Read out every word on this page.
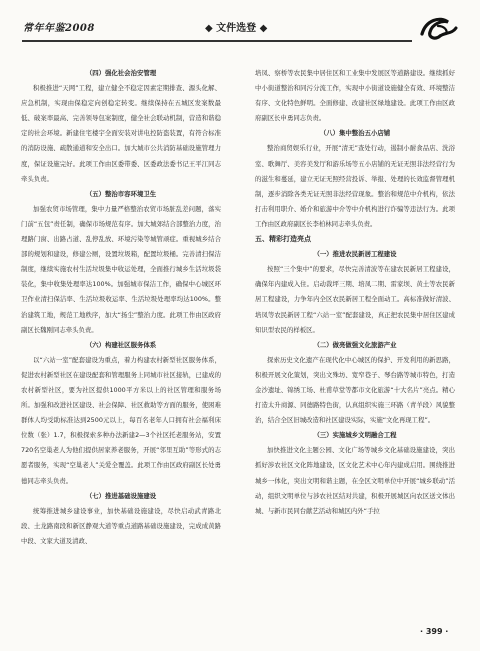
常年年鉴2008	◆ 文件选登 ◆

（四）强化社会治安管理

积极推进“天网”工程，建立健全不稳定因素定期排查、源头化解、应急机制，实现由保稳定向创稳定转变。继续保持在五城区发案数最低、破案率最高、完善领导包案制度，健全社会联动机制，营造和谐稳定的社会环境。新建住宅楼宇全面安装对讲电控防盗装置，有符合标准的消防设施、疏散通道和安全出口。加大城市公共消防基础设施管理力度，保证设施完好。此项工作由区委带委、区委政法委书记王平江同志牵头负责。

（五）整治市容环境卫生

加强农贸市场管理，集中力量严格整治农贸市场脏乱差问题，落实门前“五包”责任制，确保市场规范有序。加大城郊结合部整治力度，治理路门窗、出路占道、乱停乱放、环境污染等城管顽症。重视城乡结合部的规划和建设，修建公厕，设置垃圾箱，配置垃圾桶。完善清扫保洁制度，继续实施农村生活垃圾集中收运处理，全面推行城乡生活垃圾袋装化，集中收集处理率达100%。加强城市保洁工作，确保中心城区环卫作业清扫保洁率、生活垃圾收运率、生活垃圾处理率均达100%。整治建筑工地，规范工地秩序，加大“扬尘”整治力度。此项工作由区政府副区长魏刚同志牵头负责。

（六）构建社区服务体系

以“六站一室”配套建设为重点，着力构建农村新型社区服务体系，促进农村新型社区在建设配套和管理服务上同城市社区接轨，已建成的农村新型社区，要为社区提供1000平方米以上的社区管理和服务场所。加强和改进社区建设、社会保障、社区救助等方面的服务，使困难群体人均受助标准达到2500元以上，每百名老年人口拥有社会福利床位数（张）1.7，积极探索多种办法新建2—3个社区托老服务站，安置720名空巢老人为他们提供居家养老服务，开展“邻里互助”等形式的志愿者服务，实现“空巢老人”关爱全覆盖。此项工作由区政府副区长处勇德同志牵头负责。

（七）推进基础设施建设

统筹推进城乡建设事业，加快基础设施建设，尽快启动武青路北段、土龙路南段和新区静观大道等重点道路基础设施建设，完成成黄路中段、文家大道及清政、

培凤、察桥等农民集中居住区和工业集中发展区等道路建设。继续抓好中小街道整治和同污分流工作，实现中小街道设施健全有效、环境整洁有序、文化特色鲜明。全面修建、改建社区绿地建设。此项工作由区政府副区长申勇同志负责。

（八）集中整治五小店铺

整治商贸娱乐行业，开展“清无”查处行动，遏制小耐食品店、洗浴室、歌舞厅、美容美发厅和游乐场等五小店铺的无证无照非法经营行为的滋生和蔓延，建立无证无照经营投诉、举报、处理的长效监督管理机制，逐步消除各类无证无照非法经营现象。整治和规范中介机构，依法打击利用职介、婚介和旅游中介等中介机构进行诈骗等违法行为。此项工作由区政府副区长李柏林同志牵头负责。

五、精彩打造亮点

（一）推进农民新居工程建设

按照“三个集中”的要求，尽快完善清波等在建农民新居工程建设，确保年内建成入住。启动裁坪三期、培凤二期、雷家坝、黄土等农民新居工程建设，力争年内全区农民新居工程全面动工。高标准做好清波、培凤等农民新居工程“六站一室”配套建设，真正把农民集中居住区建成知识型农民的样板区。

（二）做亮做强文化旅游产业

探索历史文化遗产在现代化中心城区的保护、开发利用的新思路，积极开展文化策划，突出文殊坊、宽窄巷子、琴台路等城市特色，打造金沙遗址、锦绣工场、杜甫草堂等都市文化旅游“十大名片”亮点。精心打造太升商源、同德路特色街，认真组织实施三环路（青羊段）风貌整治，结合全区旧城改造和社区建设实际，实施“文化再现工程”。

（三）实施城乡文明融合工程

加快推进文化主题公园、文化广场等城乡文化基础设施建设，突出抓好涉农社区文化阵地建设，区文化艺术中心年内建成启用。围绕推进城乡一体化，突出文明和谐主题，在全区文明单位中开展“城乡联动”活动，组织文明单位与涉农社区结对共建，积极开展城区向农区送文体出城、与新市民同台献艺活动和城区内外“手拉

· 399 ·
